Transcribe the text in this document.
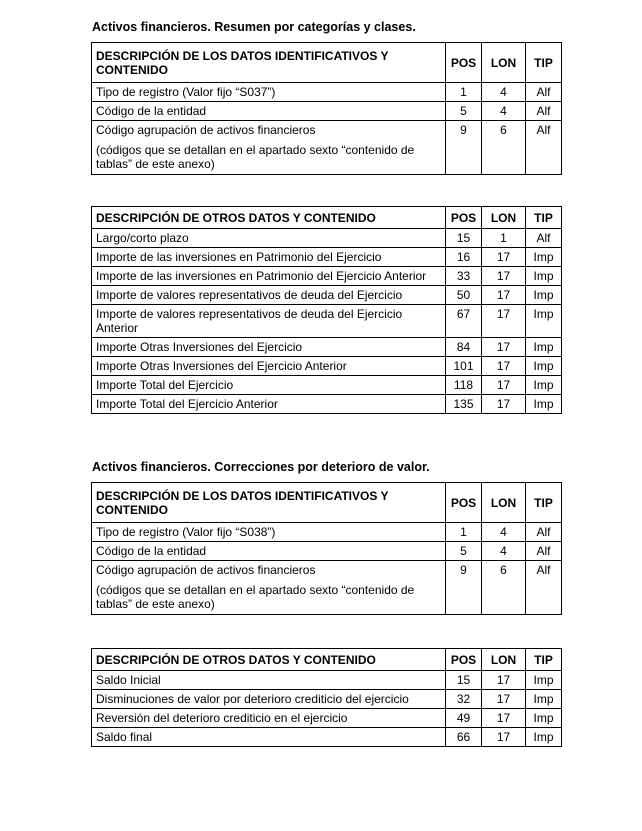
Activos financieros. Resumen por categorías y clases.
DESCRIPCIÓN DE LOS DATOS IDENTIFICATIVOS Y CONTENIDO	POS	LON	TIP
Tipo de registro (Valor fijo “S037”)	1	4	Alf
Código de la entidad	5	4	Alf
Código agrupación de activos financieros
(códigos que se detallan en el apartado sexto “contenido de tablas” de este anexo)	9	6	Alf
DESCRIPCIÓN DE OTROS DATOS Y CONTENIDO	POS	LON	TIP
Largo/corto plazo	15	1	Alf
Importe de las inversiones en Patrimonio del Ejercicio	16	17	Imp
Importe de las inversiones en Patrimonio del Ejercicio Anterior	33	17	Imp
Importe de valores representativos de deuda del Ejercicio	50	17	Imp
Importe de valores representativos de deuda del Ejercicio Anterior	67	17	Imp
Importe Otras Inversiones del Ejercicio	84	17	Imp
Importe Otras Inversiones del Ejercicio Anterior	101	17	Imp
Importe Total del Ejercicio	118	17	Imp
Importe Total del Ejercicio Anterior	135	17	Imp
Activos financieros. Correcciones por deterioro de valor.
DESCRIPCIÓN DE LOS DATOS IDENTIFICATIVOS Y CONTENIDO	POS	LON	TIP
Tipo de registro (Valor fijo “S038”)	1	4	Alf
Código de la entidad	5	4	Alf
Código agrupación de activos financieros
(códigos que se detallan en el apartado sexto “contenido de tablas” de este anexo)	9	6	Alf
DESCRIPCIÓN DE OTROS DATOS Y CONTENIDO	POS	LON	TIP
Saldo Inicial	15	17	Imp
Disminuciones de valor por deterioro crediticio del ejercicio	32	17	Imp
Reversión del deterioro crediticio en el ejercicio	49	17	Imp
Saldo final	66	17	Imp
